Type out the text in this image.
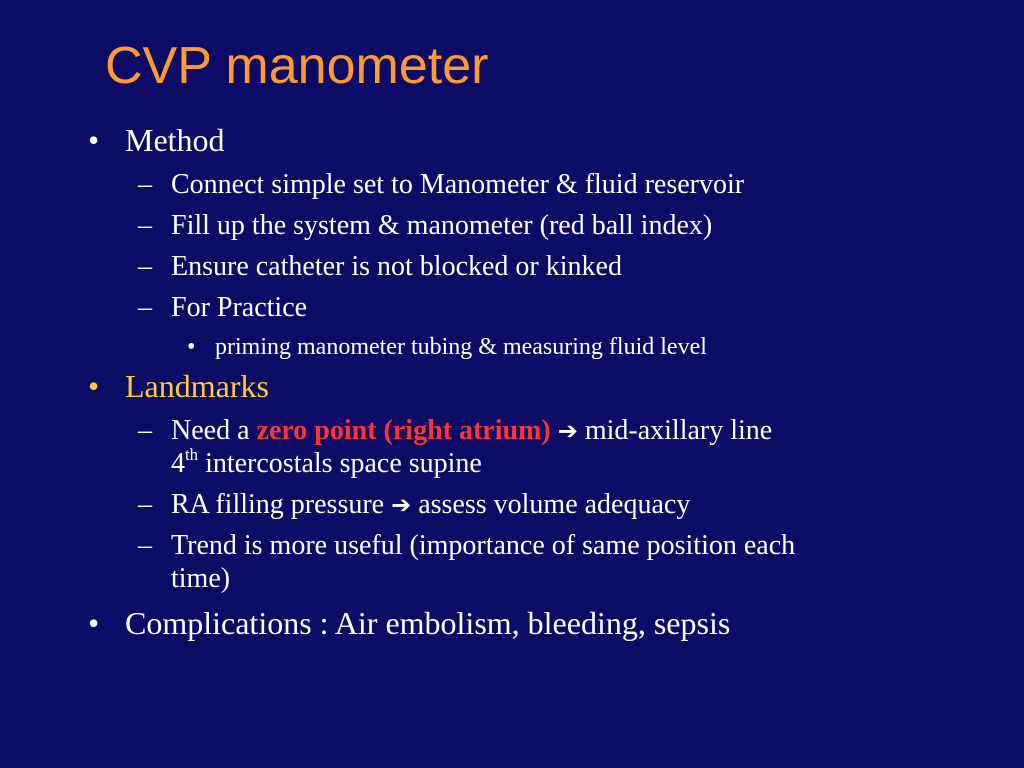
CVP manometer
• Method
– Connect simple set to Manometer & fluid reservoir
– Fill up the system & manometer (red ball index)
– Ensure catheter is not blocked or kinked
– For Practice
• priming manometer tubing & measuring fluid level
• Landmarks
– Need a zero point (right atrium) ➔ mid-axillary line
4th intercostals space supine
– RA filling pressure ➔ assess volume adequacy
– Trend is more useful (importance of same position each
time)
• Complications : Air embolism, bleeding, sepsis
